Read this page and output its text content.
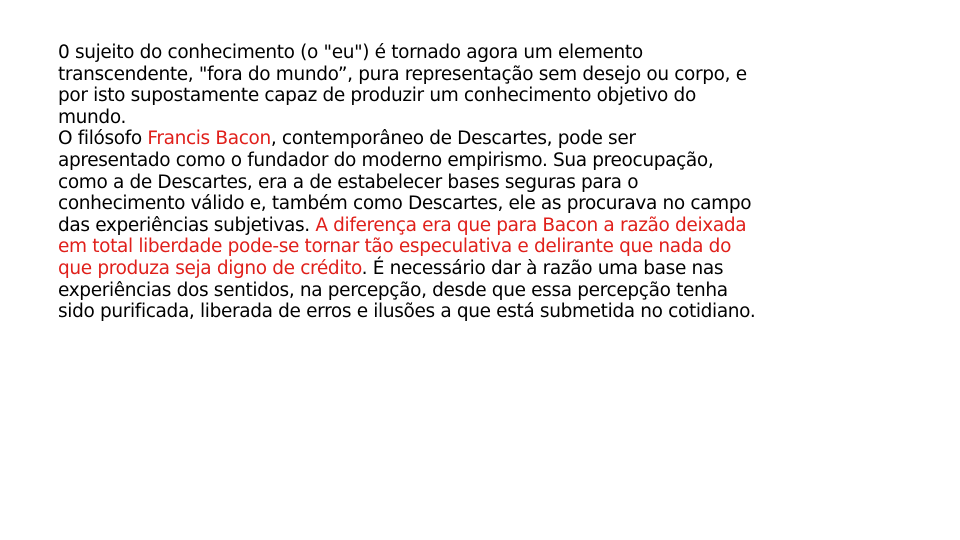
0 sujeito do conhecimento (o "eu") é tornado agora um elemento
transcendente, "fora do mundo”, pura representação sem desejo ou corpo, e
por isto supostamente capaz de produzir um conhecimento objetivo do
mundo.
O filósofo Francis Bacon, contemporâneo de Descartes, pode ser
apresentado como o fundador do moderno empirismo. Sua preocupação,
como a de Descartes, era a de estabelecer bases seguras para o
conhecimento válido e, também como Descartes, ele as procurava no campo
das experiências subjetivas. A diferença era que para Bacon a razão deixada
em total liberdade pode-se tornar tão especulativa e delirante que nada do
que produza seja digno de crédito. É necessário dar à razão uma base nas
experiências dos sentidos, na percepção, desde que essa percepção tenha
sido purificada, liberada de erros e ilusões a que está submetida no cotidiano.
